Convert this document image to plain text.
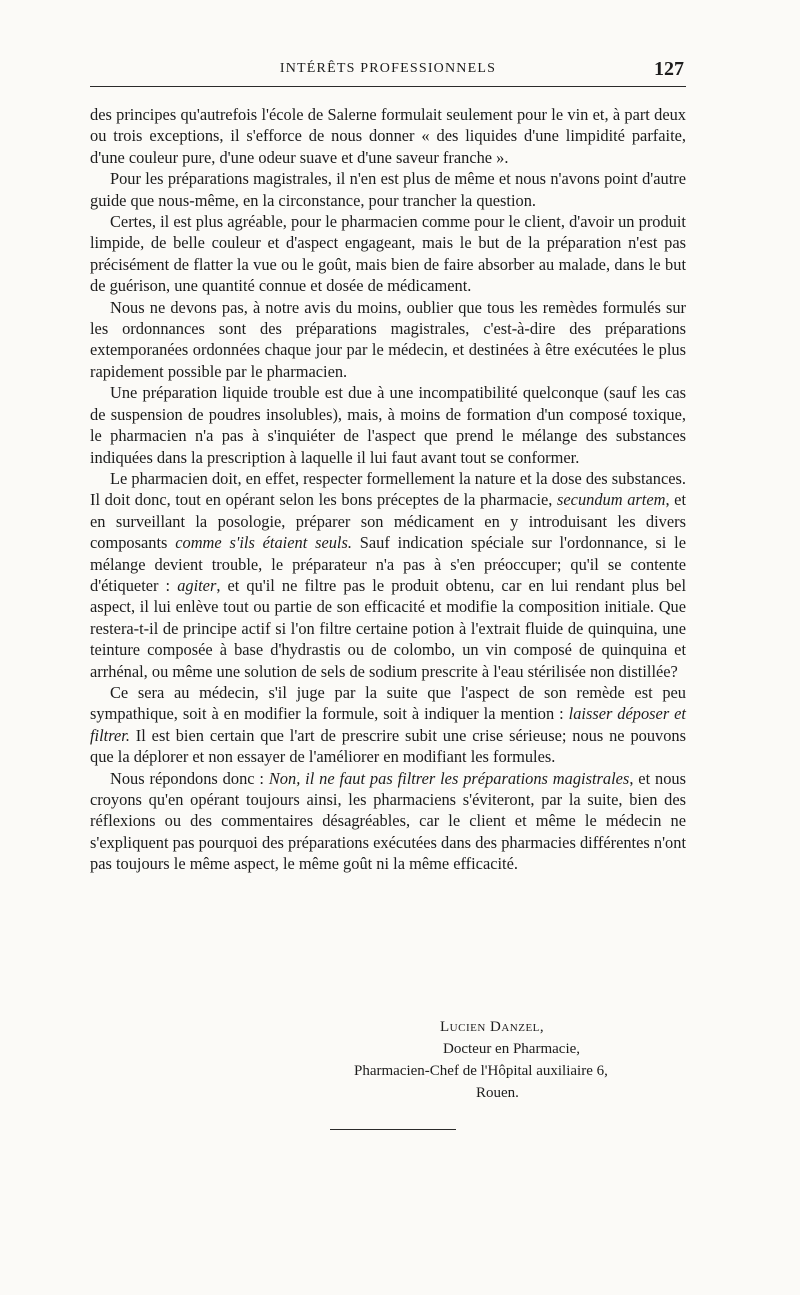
INTÉRÊTS PROFESSIONNELS	127

des principes qu'autrefois l'école de Salerne formulait seulement pour le vin et, à part deux ou trois exceptions, il s'efforce de nous donner « des liquides d'une limpidité parfaite, d'une couleur pure, d'une odeur suave et d'une saveur franche ».

Pour les préparations magistrales, il n'en est plus de même et nous n'avons point d'autre guide que nous-même, en la circonstance, pour trancher la question.

Certes, il est plus agréable, pour le pharmacien comme pour le client, d'avoir un produit limpide, de belle couleur et d'aspect engageant, mais le but de la préparation n'est pas précisément de flatter la vue ou le goût, mais bien de faire absorber au malade, dans le but de guérison, une quantité connue et dosée de médicament.

Nous ne devons pas, à notre avis du moins, oublier que tous les remèdes formulés sur les ordonnances sont des préparations magistrales, c'est-à-dire des préparations extemporanées ordonnées chaque jour par le médecin, et destinées à être exécutées le plus rapidement possible par le pharmacien.

Une préparation liquide trouble est due à une incompatibilité quelconque (sauf les cas de suspension de poudres insolubles), mais, à moins de formation d'un composé toxique, le pharmacien n'a pas à s'inquiéter de l'aspect que prend le mélange des substances indiquées dans la prescription à laquelle il lui faut avant tout se conformer.

Le pharmacien doit, en effet, respecter formellement la nature et la dose des substances. Il doit donc, tout en opérant selon les bons préceptes de la pharmacie, secundum artem, et en surveillant la posologie, préparer son médicament en y introduisant les divers composants comme s'ils étaient seuls. Sauf indication spéciale sur l'ordonnance, si le mélange devient trouble, le préparateur n'a pas à s'en préoccuper; qu'il se contente d'étiqueter : agiter, et qu'il ne filtre pas le produit obtenu, car en lui rendant plus bel aspect, il lui enlève tout ou partie de son efficacité et modifie la composition initiale. Que restera-t-il de principe actif si l'on filtre certaine potion à l'extrait fluide de quinquina, une teinture composée à base d'hydrastis ou de colombo, un vin composé de quinquina et arrhénal, ou même une solution de sels de sodium prescrite à l'eau stérilisée non distillée?

Ce sera au médecin, s'il juge par la suite que l'aspect de son remède est peu sympathique, soit à en modifier la formule, soit à indiquer la mention : laisser déposer et filtrer. Il est bien certain que l'art de prescrire subit une crise sérieuse; nous ne pouvons que la déplorer et non essayer de l'améliorer en modifiant les formules.

Nous répondons donc : Non, il ne faut pas filtrer les préparations magistrales, et nous croyons qu'en opérant toujours ainsi, les pharmaciens s'éviteront, par la suite, bien des réflexions ou des commentaires désagréables, car le client et même le médecin ne s'expliquent pas pourquoi des préparations exécutées dans des pharmacies différentes n'ont pas toujours le même aspect, le même goût ni la même efficacité.

Lucien Danzel,
Docteur en Pharmacie,
Pharmacien-Chef de l'Hôpital auxiliaire 6,
Rouen.
